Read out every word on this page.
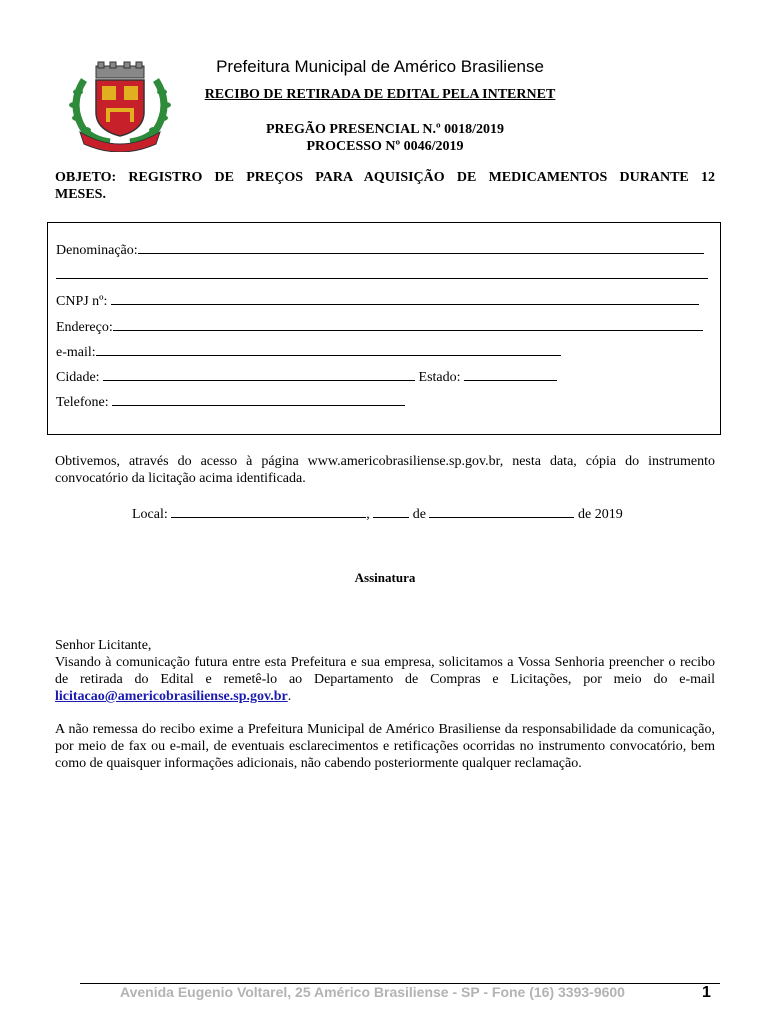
Prefeitura Municipal de Américo Brasiliense
RECIBO DE RETIRADA DE EDITAL PELA INTERNET
PREGÃO PRESENCIAL N.º 0018/2019
PROCESSO Nº 0046/2019
OBJETO: REGISTRO DE PREÇOS PARA AQUISIÇÃO DE MEDICAMENTOS DURANTE 12
MESES.
Denominação:
CNPJ nº:
Endereço:
e-mail:
Cidade:	Estado:
Telefone:
Obtivemos, através do acesso à página www.americobrasiliense.sp.gov.br, nesta data, cópia do instrumento convocatório da licitação acima identificada.
Local:	,	de	de 2019
Assinatura
Senhor Licitante,
Visando à comunicação futura entre esta Prefeitura e sua empresa, solicitamos a Vossa Senhoria preencher o recibo de retirada do Edital e remetê-lo ao Departamento de Compras e Licitações, por meio do e-mail licitacao@americobrasiliense.sp.gov.br.
A não remessa do recibo exime a Prefeitura Municipal de Américo Brasiliense da responsabilidade da comunicação, por meio de fax ou e-mail, de eventuais esclarecimentos e retificações ocorridas no instrumento convocatório, bem como de quaisquer informações adicionais, não cabendo posteriormente qualquer reclamação.
Avenida Eugenio Voltarel, 25 Américo Brasiliense - SP - Fone (16) 3393-9600	1
